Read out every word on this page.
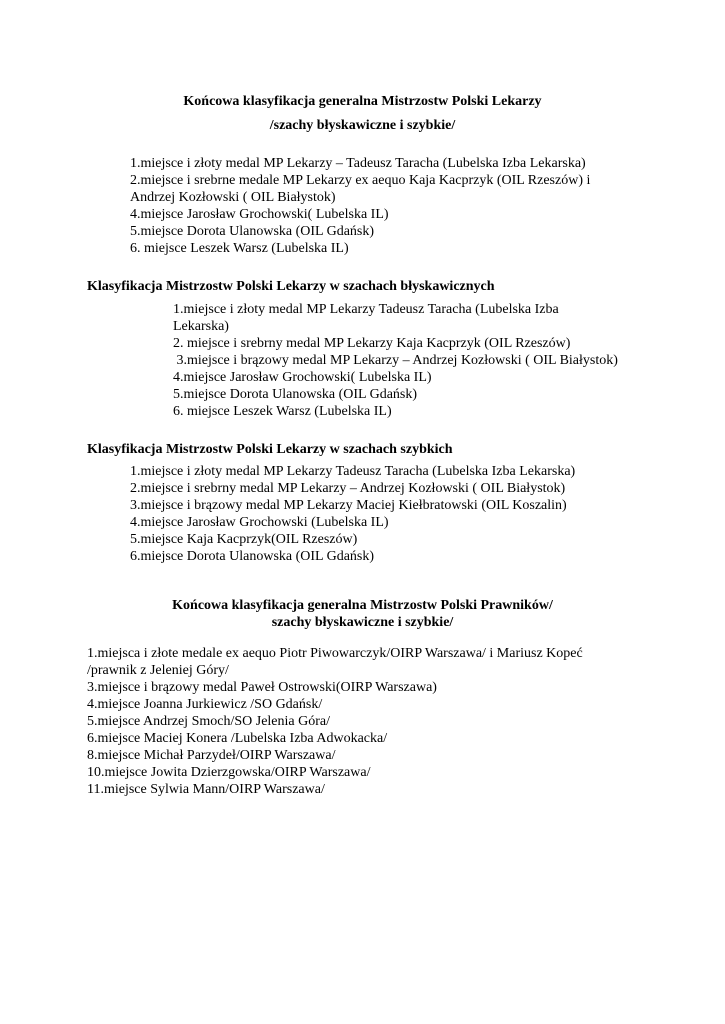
Końcowa klasyfikacja generalna Mistrzostw Polski Lekarzy
/szachy błyskawiczne i szybkie/
1.miejsce i złoty medal MP Lekarzy – Tadeusz Taracha (Lubelska Izba Lekarska)
2.miejsce i srebrne medale MP Lekarzy ex aequo Kaja Kacprzyk (OIL Rzeszów) i
Andrzej Kozłowski ( OIL Białystok)
4.miejsce Jarosław Grochowski( Lubelska IL)
5.miejsce Dorota Ulanowska (OIL Gdańsk)
6. miejsce Leszek Warsz (Lubelska IL)
Klasyfikacja Mistrzostw Polski Lekarzy w szachach błyskawicznych
1.miejsce i złoty medal MP Lekarzy Tadeusz Taracha (Lubelska Izba
Lekarska)
2. miejsce i srebrny medal MP Lekarzy Kaja Kacprzyk (OIL Rzeszów)
3.miejsce i brązowy medal MP Lekarzy – Andrzej Kozłowski ( OIL Białystok)
4.miejsce Jarosław Grochowski( Lubelska IL)
5.miejsce Dorota Ulanowska (OIL Gdańsk)
6. miejsce Leszek Warsz (Lubelska IL)
Klasyfikacja Mistrzostw Polski Lekarzy w szachach szybkich
1.miejsce i złoty medal MP Lekarzy Tadeusz Taracha (Lubelska Izba Lekarska)
2.miejsce i srebrny medal MP Lekarzy – Andrzej Kozłowski ( OIL Białystok)
3.miejsce i brązowy medal MP Lekarzy Maciej Kiełbratowski (OIL Koszalin)
4.miejsce Jarosław Grochowski (Lubelska IL)
5.miejsce Kaja Kacprzyk(OIL Rzeszów)
6.miejsce Dorota Ulanowska (OIL Gdańsk)
Końcowa klasyfikacja generalna Mistrzostw Polski Prawników/
szachy błyskawiczne i szybkie/
1.miejsca i złote medale ex aequo Piotr Piwowarczyk/OIRP Warszawa/ i Mariusz Kopeć
/prawnik z Jeleniej Góry/
3.miejsce i brązowy medal Paweł Ostrowski(OIRP Warszawa)
4.miejsce Joanna Jurkiewicz /SO Gdańsk/
5.miejsce Andrzej Smoch/SO Jelenia Góra/
6.miejsce Maciej Konera /Lubelska Izba Adwokacka/
8.miejsce Michał Parzydeł/OIRP Warszawa/
10.miejsce Jowita Dzierzgowska/OIRP Warszawa/
11.miejsce Sylwia Mann/OIRP Warszawa/
